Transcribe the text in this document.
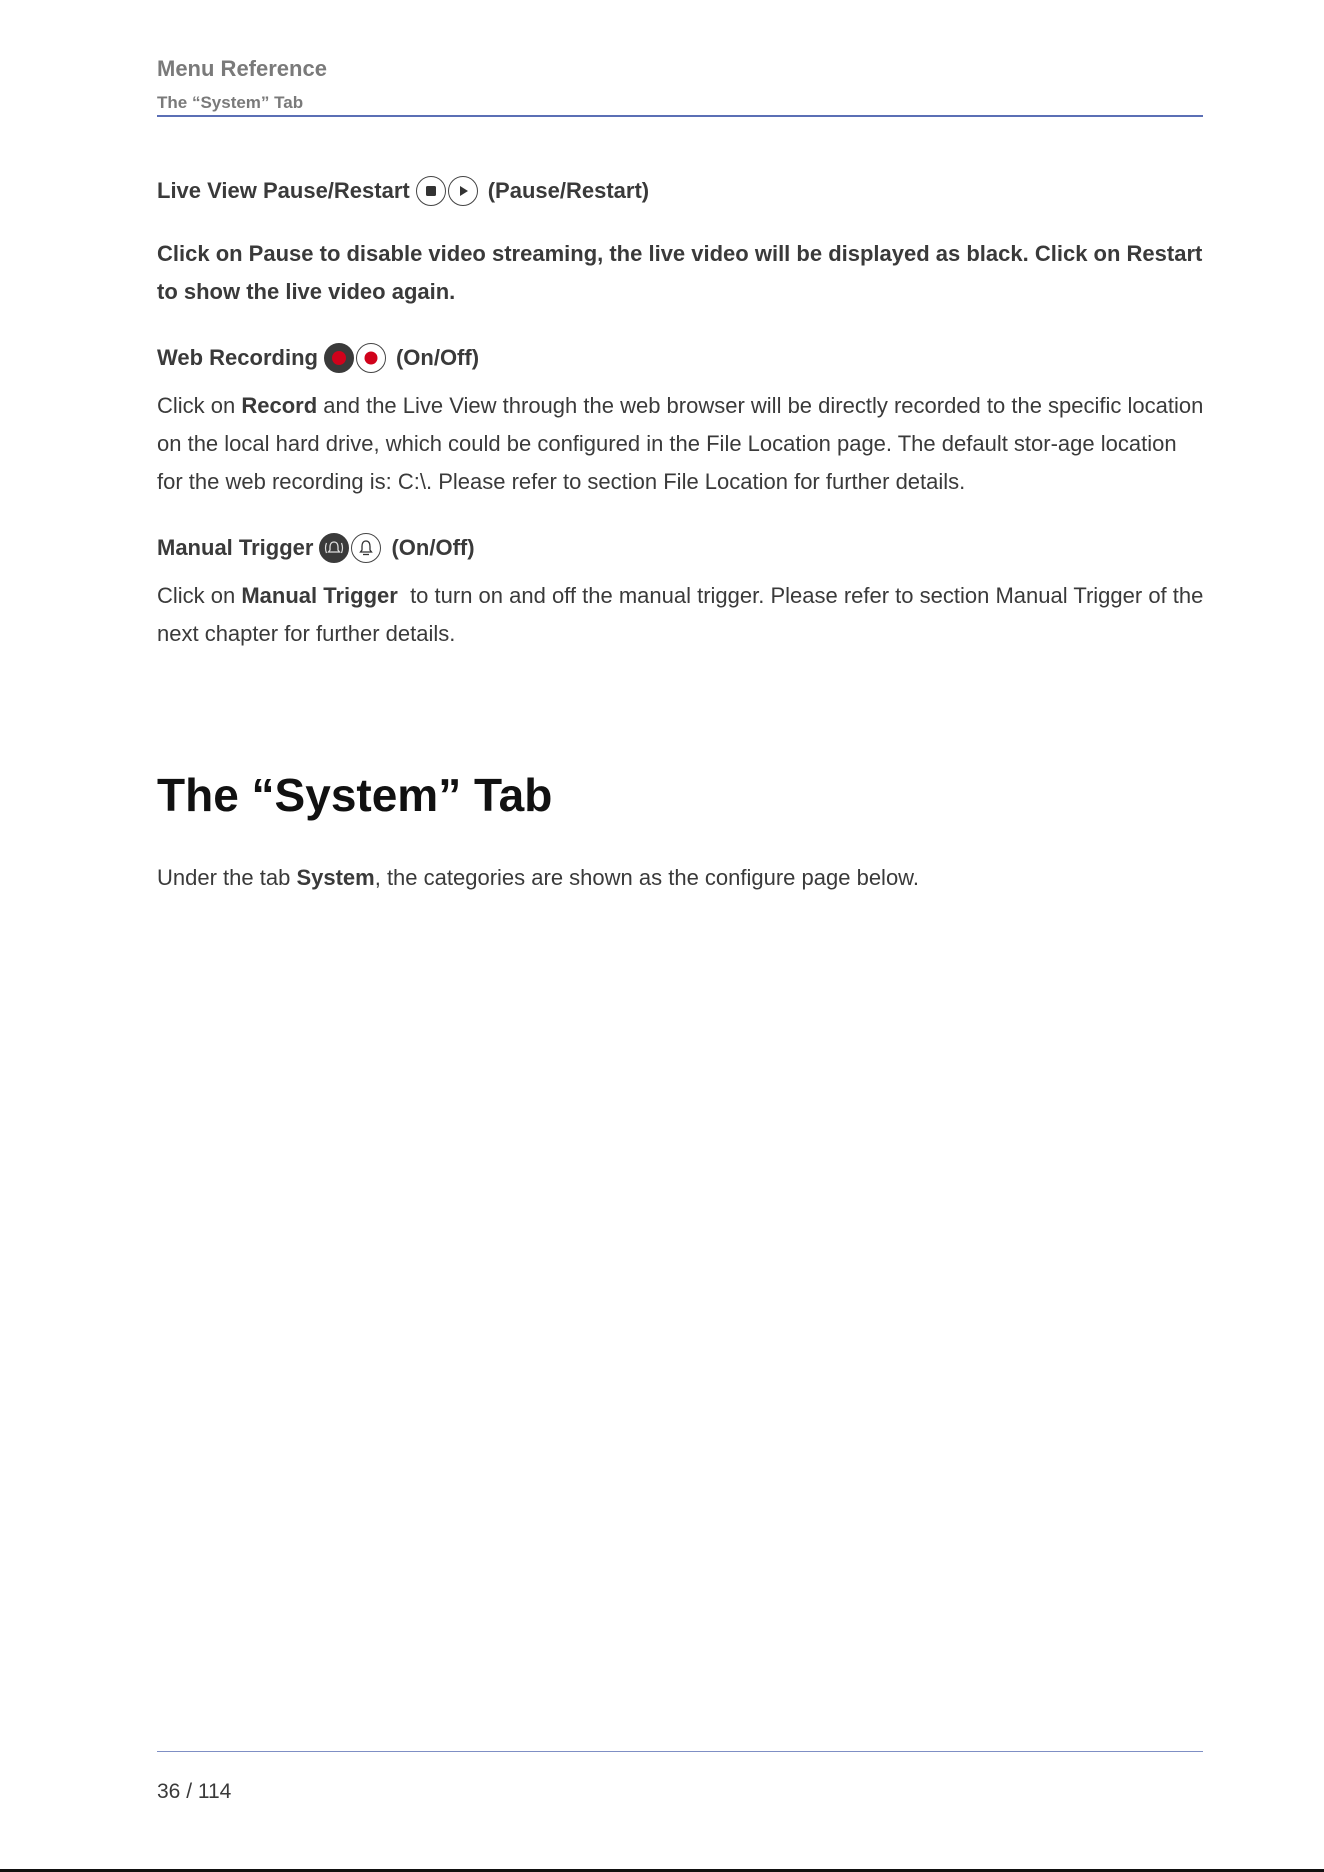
Menu Reference
The “System” Tab
Live View Pause/Restart	(Pause/Restart)
Click on Pause to disable video streaming, the live video will be displayed as black. Click on Restart to show the live video again.
Web Recording	(On/Off)
Click on Record and the Live View through the web browser will be directly recorded to the specific location on the local hard drive, which could be configured in the File Location page. The default stor-age location for the web recording is: C:\. Please refer to section File Location for further details.
Manual Trigger	(On/Off)
Click on Manual Trigger  to turn on and off the manual trigger. Please refer to section Manual Trigger of the next chapter for further details.
Under the tab System, the categories are shown as the configure page below.
The “System” Tab
36 / 114
